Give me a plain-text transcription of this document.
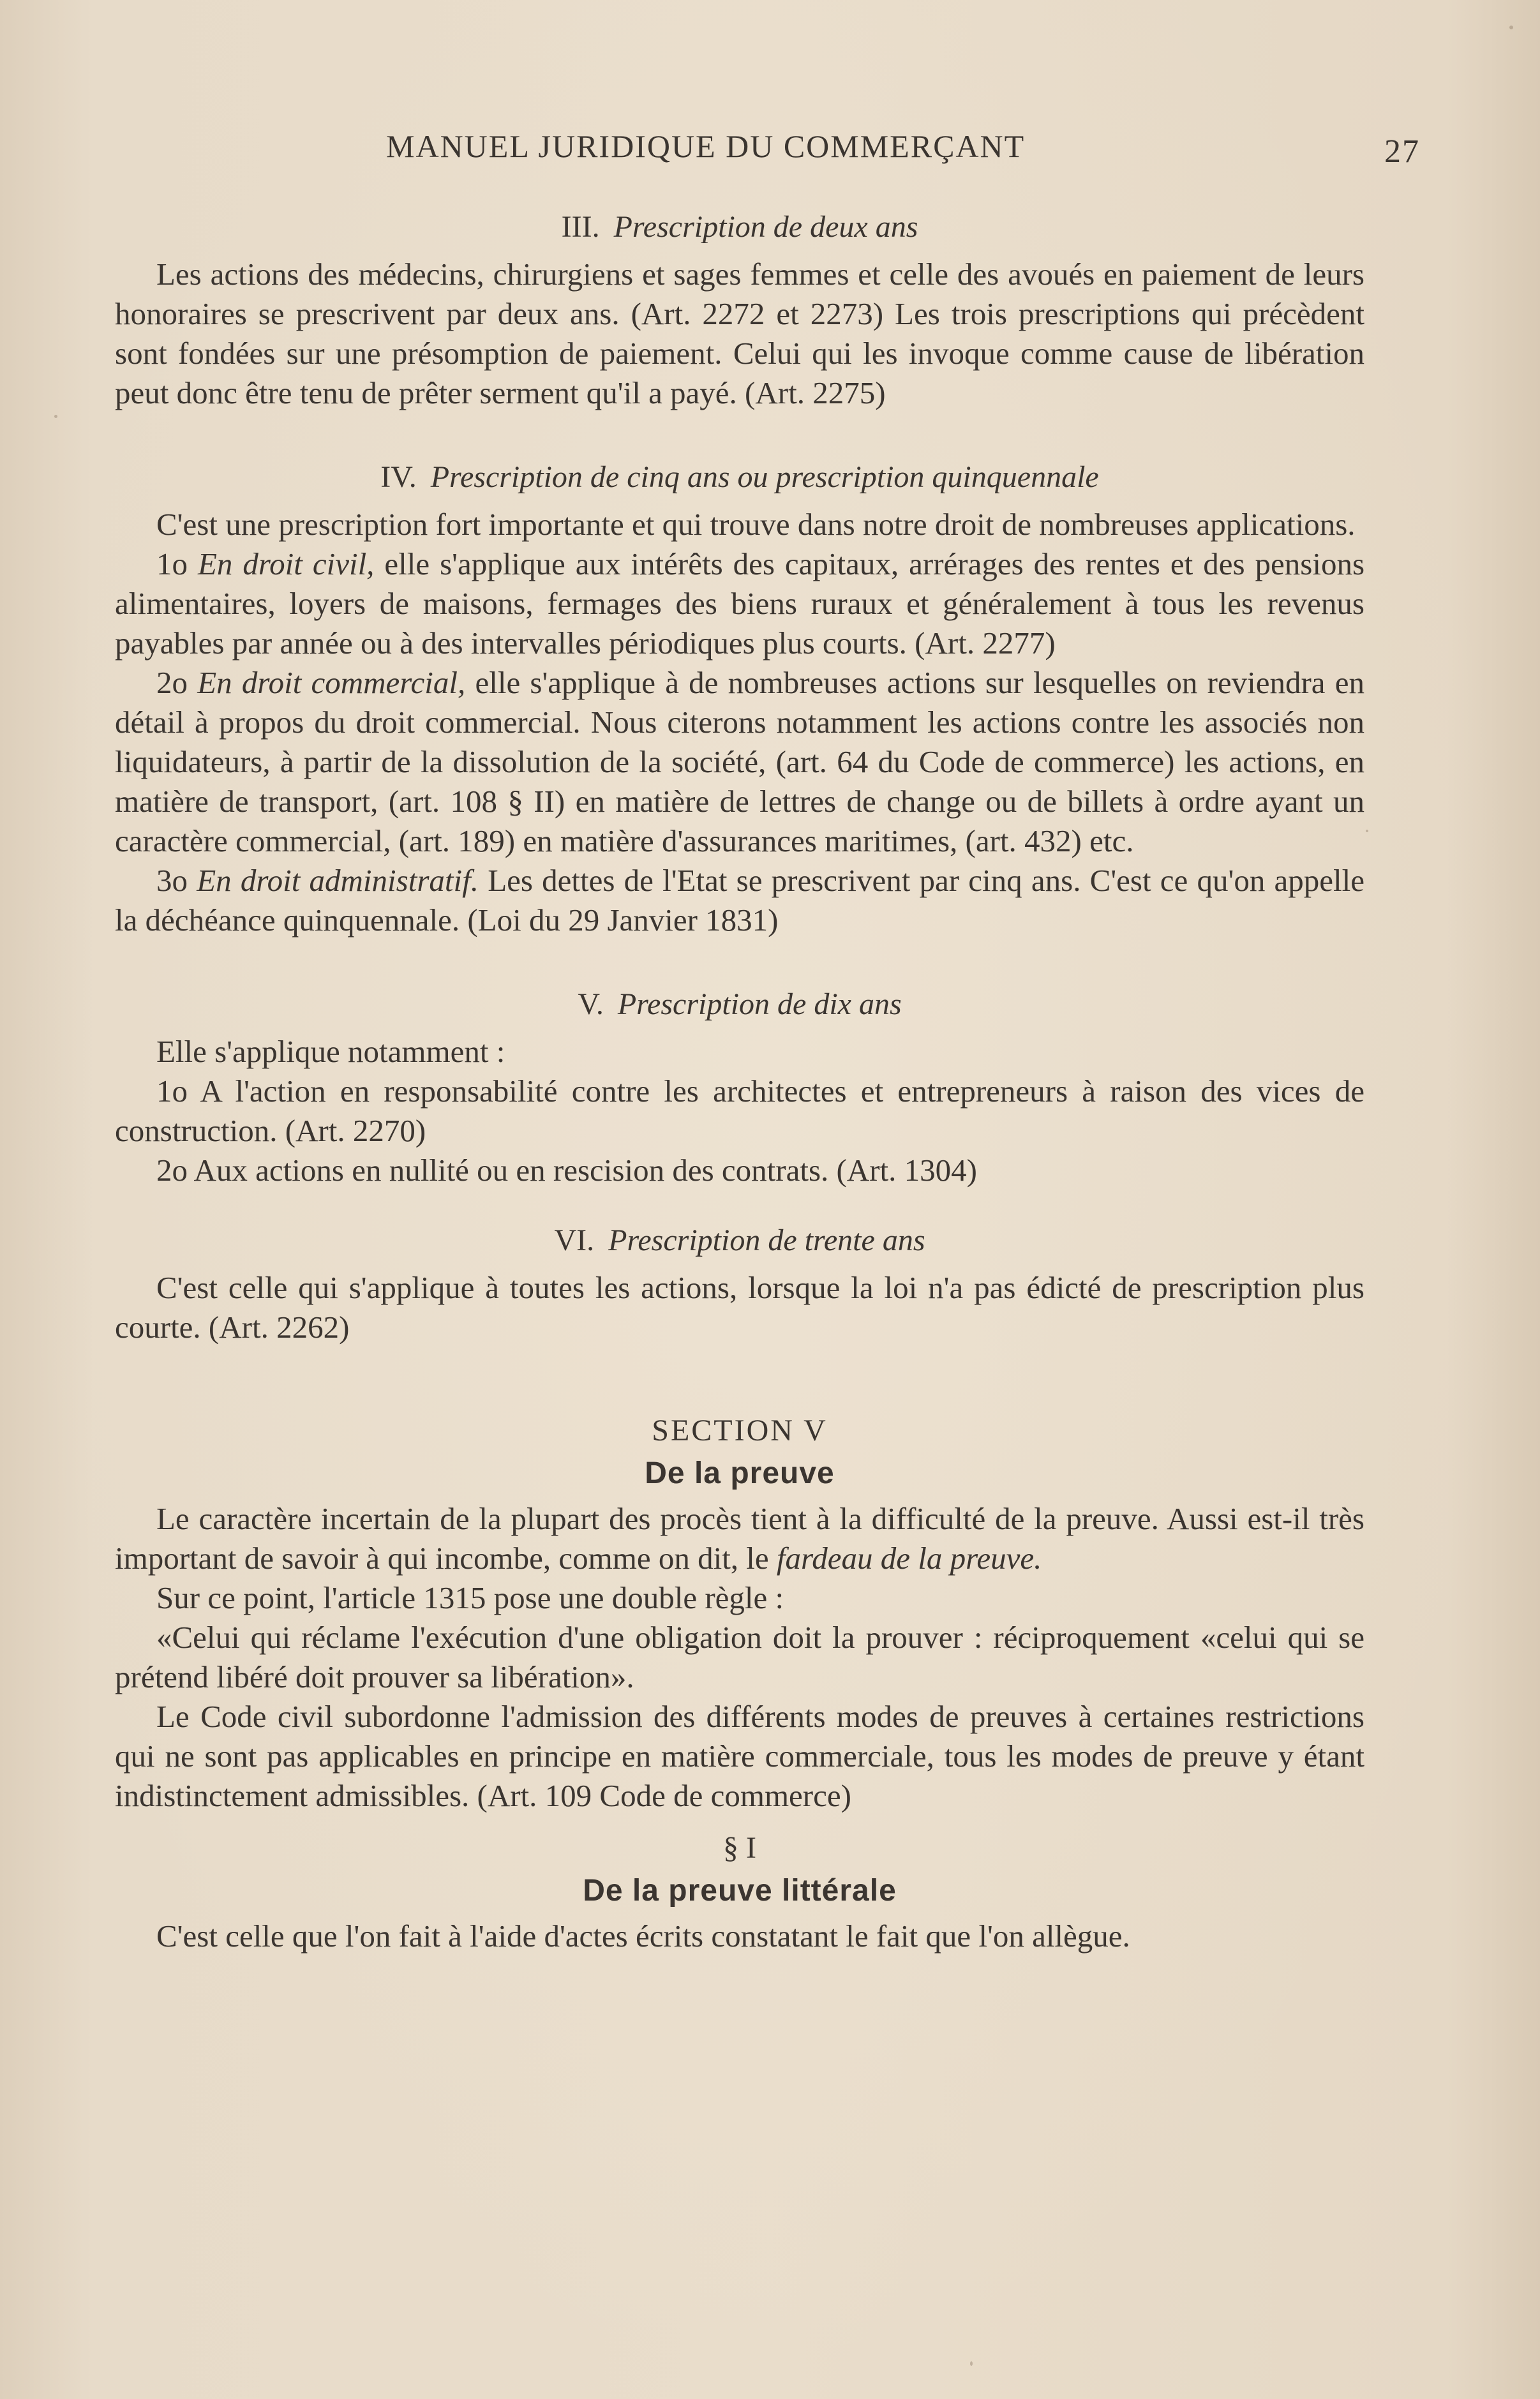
MANUEL JURIDIQUE DU COMMERÇANT	27
III. Prescription de deux ans

Les actions des médecins, chirurgiens et sages femmes et celle des avoués en paiement de leurs honoraires se prescrivent par deux ans. (Art. 2272 et 2273) Les trois prescriptions qui précèdent sont fondées sur une présomption de paiement. Celui qui les invoque comme cause de libération peut donc être tenu de prêter serment qu'il a payé. (Art. 2275)

IV. Prescription de cinq ans ou prescription quinquennale

C'est une prescription fort importante et qui trouve dans notre droit de nombreuses applications.

1o En droit civil, elle s'applique aux intérêts des capitaux, arrérages des rentes et des pensions alimentaires, loyers de maisons, fermages des biens ruraux et généralement à tous les revenus payables par année ou à des intervalles périodiques plus courts. (Art. 2277)

2o En droit commercial, elle s'applique à de nombreuses actions sur lesquelles on reviendra en détail à propos du droit commercial. Nous citerons notamment les actions contre les associés non liquidateurs, à partir de la dissolution de la société, (art. 64 du Code de commerce) les actions, en matière de transport, (art. 108 § II) en matière de lettres de change ou de billets à ordre ayant un caractère commercial, (art. 189) en matière d'assurances maritimes, (art. 432) etc.

3o En droit administratif. Les dettes de l'Etat se prescrivent par cinq ans. C'est ce qu'on appelle la déchéance quinquennale. (Loi du 29 Janvier 1831)

V. Prescription de dix ans

Elle s'applique notamment :

1o A l'action en responsabilité contre les architectes et entrepreneurs à raison des vices de construction. (Art. 2270)

2o Aux actions en nullité ou en rescision des contrats. (Art. 1304)

VI. Prescription de trente ans

C'est celle qui s'applique à toutes les actions, lorsque la loi n'a pas édicté de prescription plus courte. (Art. 2262)

SECTION V
De la preuve

Le caractère incertain de la plupart des procès tient à la difficulté de la preuve. Aussi est-il très important de savoir à qui incombe, comme on dit, le fardeau de la preuve.

Sur ce point, l'article 1315 pose une double règle :

«Celui qui réclame l'exécution d'une obligation doit la prouver : réciproquement «celui qui se prétend libéré doit prouver sa libération».

Le Code civil subordonne l'admission des différents modes de preuves à certaines restrictions qui ne sont pas applicables en principe en matière commerciale, tous les modes de preuve y étant indistinctement admissibles. (Art. 109 Code de commerce)

§ I
De la preuve littérale

C'est celle que l'on fait à l'aide d'actes écrits constatant le fait que l'on allègue.
